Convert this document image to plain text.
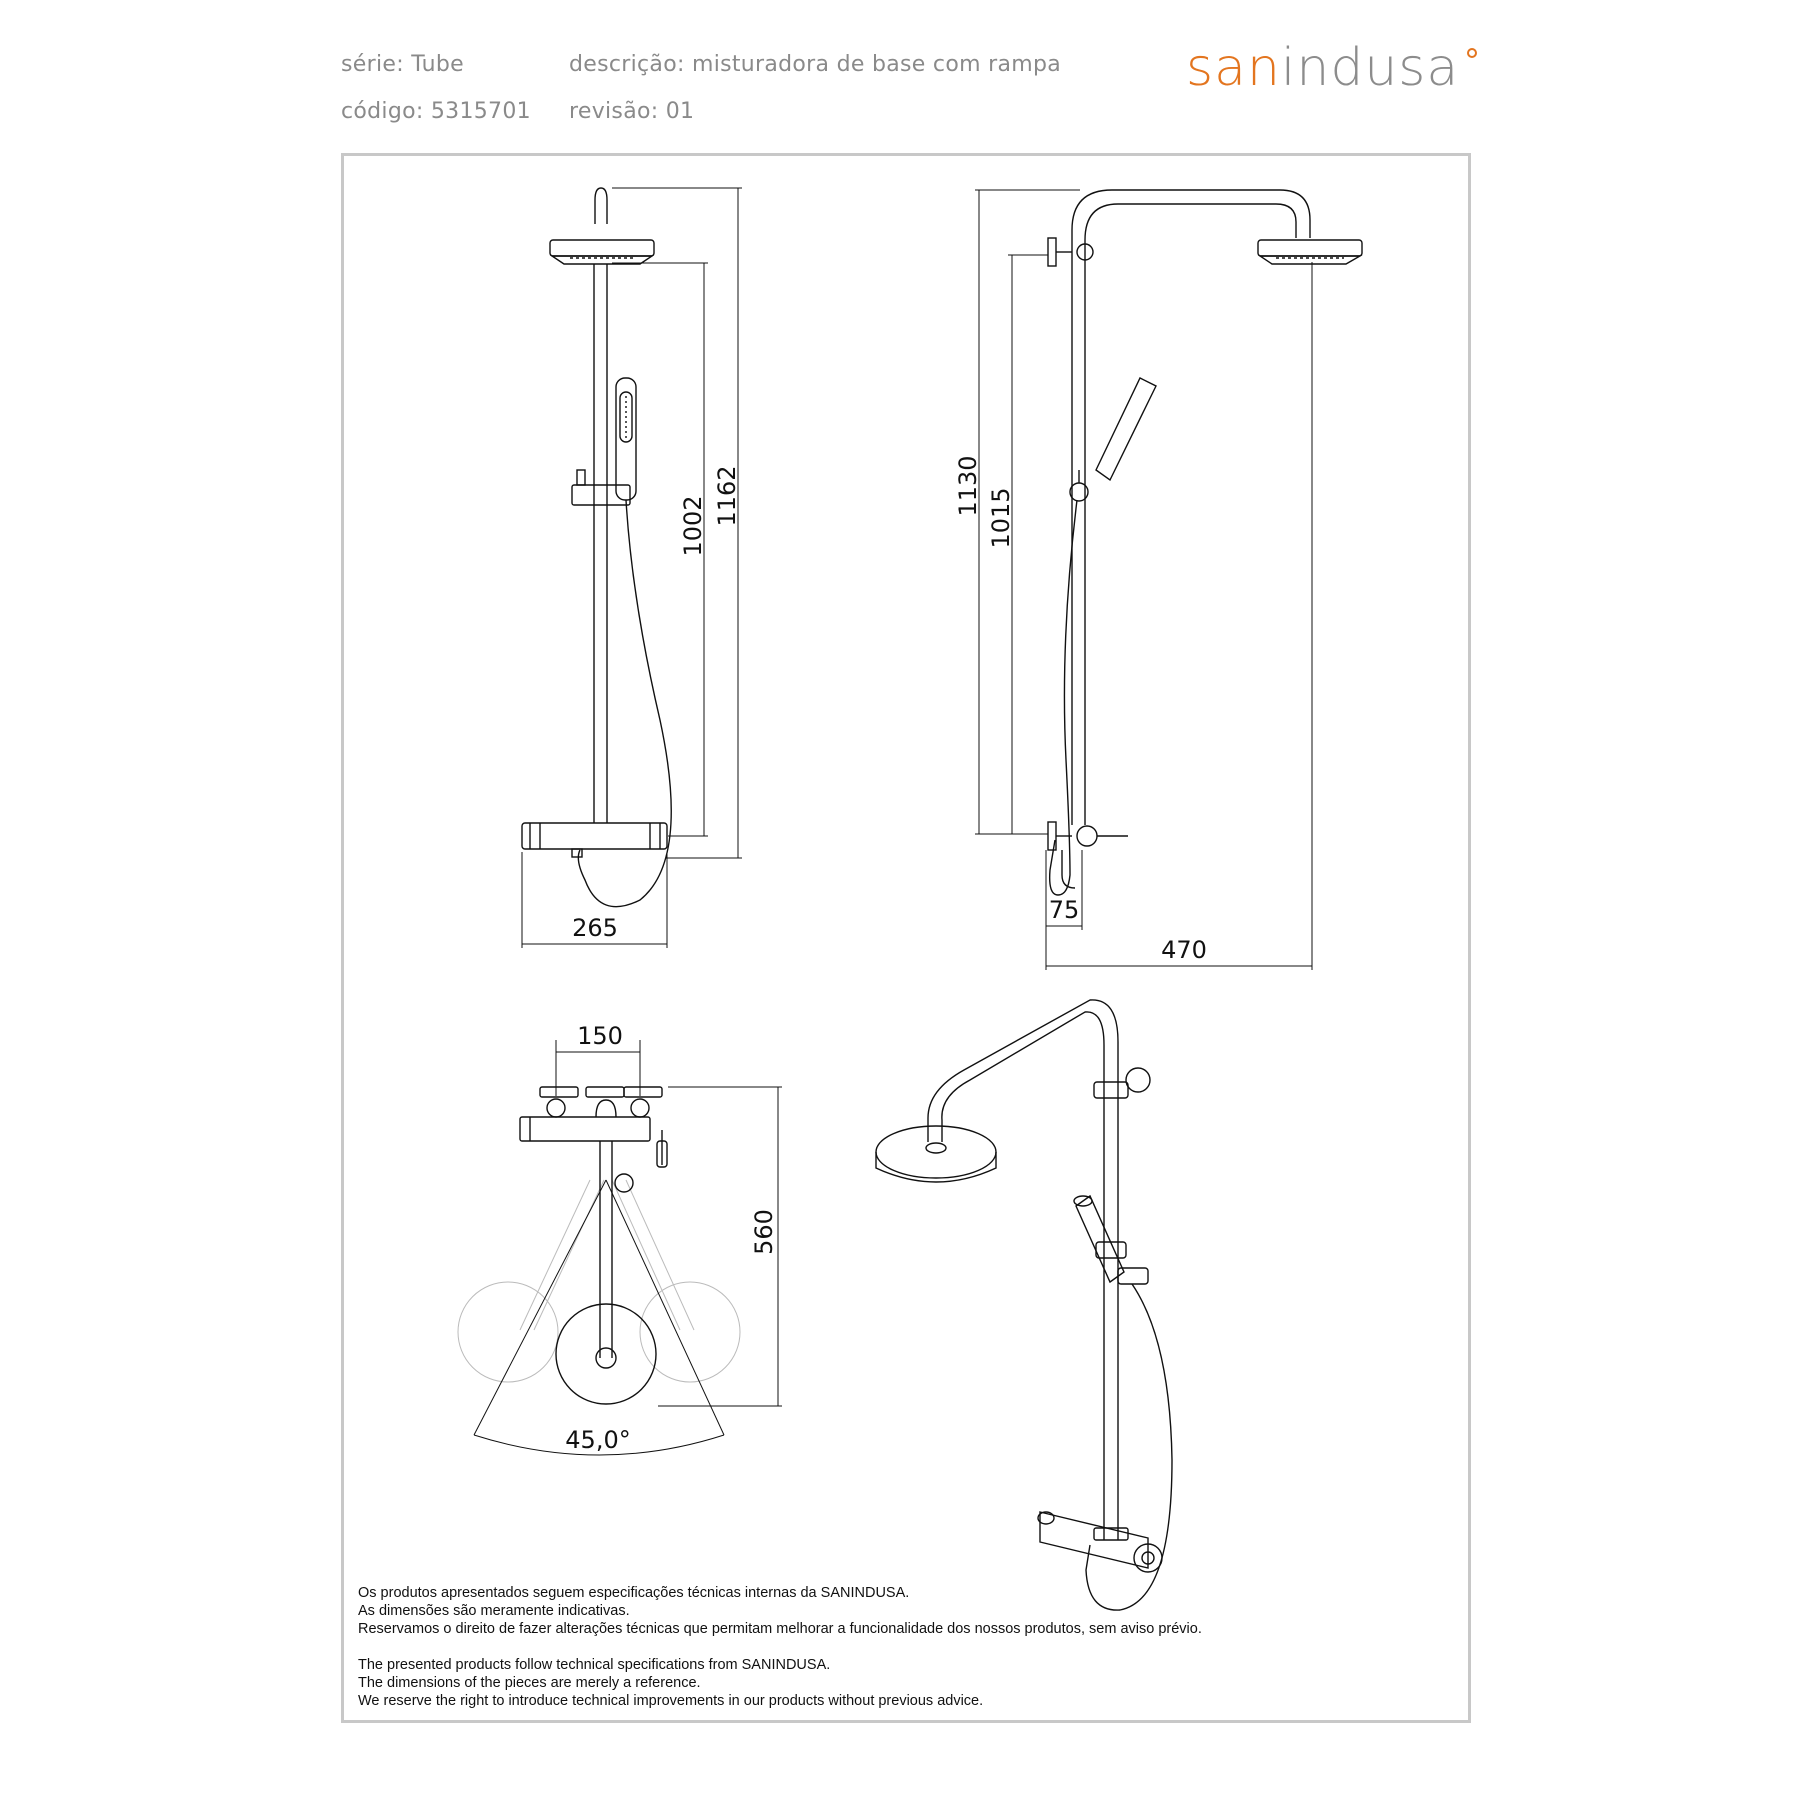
série: Tube	descrição: misturadora de base com rampa
código: 5315701 revisão: 01
sanindusa
265
1002 1162	1130
1015
75
470
150
560
45,0°
Os produtos apresentados seguem especificações técnicas internas da SANINDUSA.
As dimensões são meramente indicativas.
Reservamos o direito de fazer alterações técnicas que permitam melhorar a funcionalidade dos nossos produtos, sem aviso prévio.
The presented products follow technical specifications from SANINDUSA.
The dimensions of the pieces are merely a reference.
We reserve the right to introduce technical improvements in our products without previous advice.
